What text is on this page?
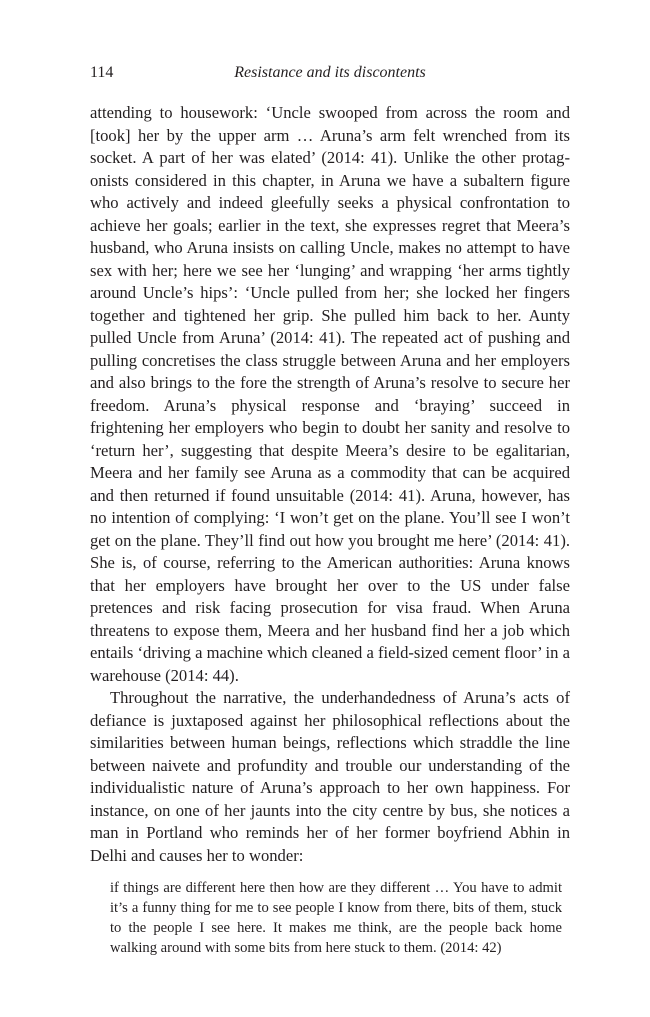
114	Resistance and its discontents

attending to housework: ‘Uncle swooped from across the room and [took] her by the upper arm … Aruna’s arm felt wrenched from its socket. A part of her was elated’ (2014: 41). Unlike the other protagonists considered in this chapter, in Aruna we have a subaltern figure who actively and indeed gleefully seeks a physical confrontation to achieve her goals; earlier in the text, she expresses regret that Meera’s husband, who Aruna insists on calling Uncle, makes no attempt to have sex with her; here we see her ‘lunging’ and wrapping ‘her arms tightly around Uncle’s hips’: ‘Uncle pulled from her; she locked her fingers together and tightened her grip. She pulled him back to her. Aunty pulled Uncle from Aruna’ (2014: 41). The repeated act of pushing and pulling concretises the class struggle between Aruna and her employers and also brings to the fore the strength of Aruna’s resolve to secure her freedom. Aruna’s physical response and ‘braying’ succeed in frightening her employers who begin to doubt her sanity and resolve to ‘return her’, suggesting that despite Meera’s desire to be egalitarian, Meera and her family see Aruna as a commodity that can be acquired and then returned if found unsuitable (2014: 41). Aruna, however, has no intention of complying: ‘I won’t get on the plane. You’ll see I won’t get on the plane. They’ll find out how you brought me here’ (2014: 41). She is, of course, referring to the American authorities: Aruna knows that her employers have brought her over to the US under false pretences and risk facing prosecution for visa fraud. When Aruna threatens to expose them, Meera and her husband find her a job which entails ‘driving a machine which cleaned a field-sized cement floor’ in a warehouse (2014: 44).

Throughout the narrative, the underhandedness of Aruna’s acts of defiance is juxtaposed against her philosophical reflections about the similarities between human beings, reflections which straddle the line between naivete and profundity and trouble our understanding of the individualistic nature of Aruna’s approach to her own happiness. For instance, on one of her jaunts into the city centre by bus, she notices a man in Portland who reminds her of her former boyfriend Abhin in Delhi and causes her to wonder:

if things are different here then how are they different … You have to admit it’s a funny thing for me to see people I know from there, bits of them, stuck to the people I see here. It makes me think, are the people back home walking around with some bits from here stuck to them. (2014: 42)
